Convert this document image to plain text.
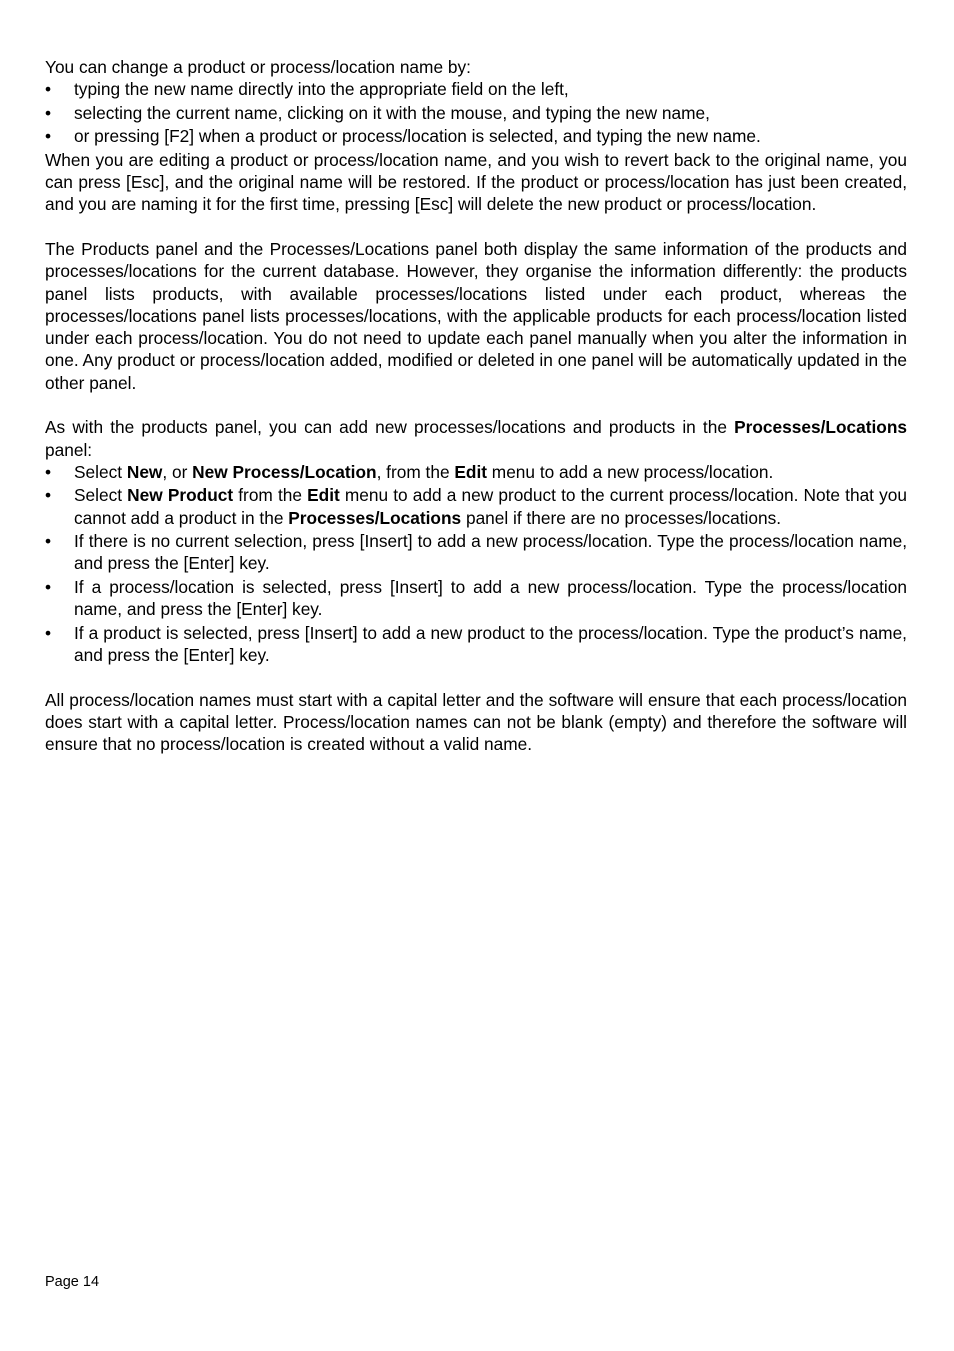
You can change a product or process/location name by:

• typing the new name directly into the appropriate field on the left,
• selecting the current name, clicking on it with the mouse, and typing the new name,
• or pressing [F2] when a product or process/location is selected, and typing the new name.

When you are editing a product or process/location name, and you wish to revert back to the original name, you can press [Esc], and the original name will be restored. If the product or process/location has just been created, and you are naming it for the first time, pressing [Esc] will delete the new product or process/location.

The Products panel and the Processes/Locations panel both display the same information of the products and processes/locations for the current database. However, they organise the information differently: the products panel lists products, with available processes/locations listed under each product, whereas the processes/locations panel lists processes/locations, with the applicable products for each process/location listed under each process/location. You do not need to update each panel manually when you alter the information in one. Any product or process/location added, modified or deleted in one panel will be automatically updated in the other panel.

As with the products panel, you can add new processes/locations and products in the Processes/Locations panel:

• Select New, or New Process/Location, from the Edit menu to add a new process/location.
• Select New Product from the Edit menu to add a new product to the current process/location. Note that you cannot add a product in the Processes/Locations panel if there are no processes/locations.
• If there is no current selection, press [Insert] to add a new process/location. Type the process/location name, and press the [Enter] key.
• If a process/location is selected, press [Insert] to add a new process/location. Type the process/location name, and press the [Enter] key.
• If a product is selected, press [Insert] to add a new product to the process/location. Type the product’s name, and press the [Enter] key.

All process/location names must start with a capital letter and the software will ensure that each process/location does start with a capital letter. Process/location names can not be blank (empty) and therefore the software will ensure that no process/location is created without a valid name.

Page 14
